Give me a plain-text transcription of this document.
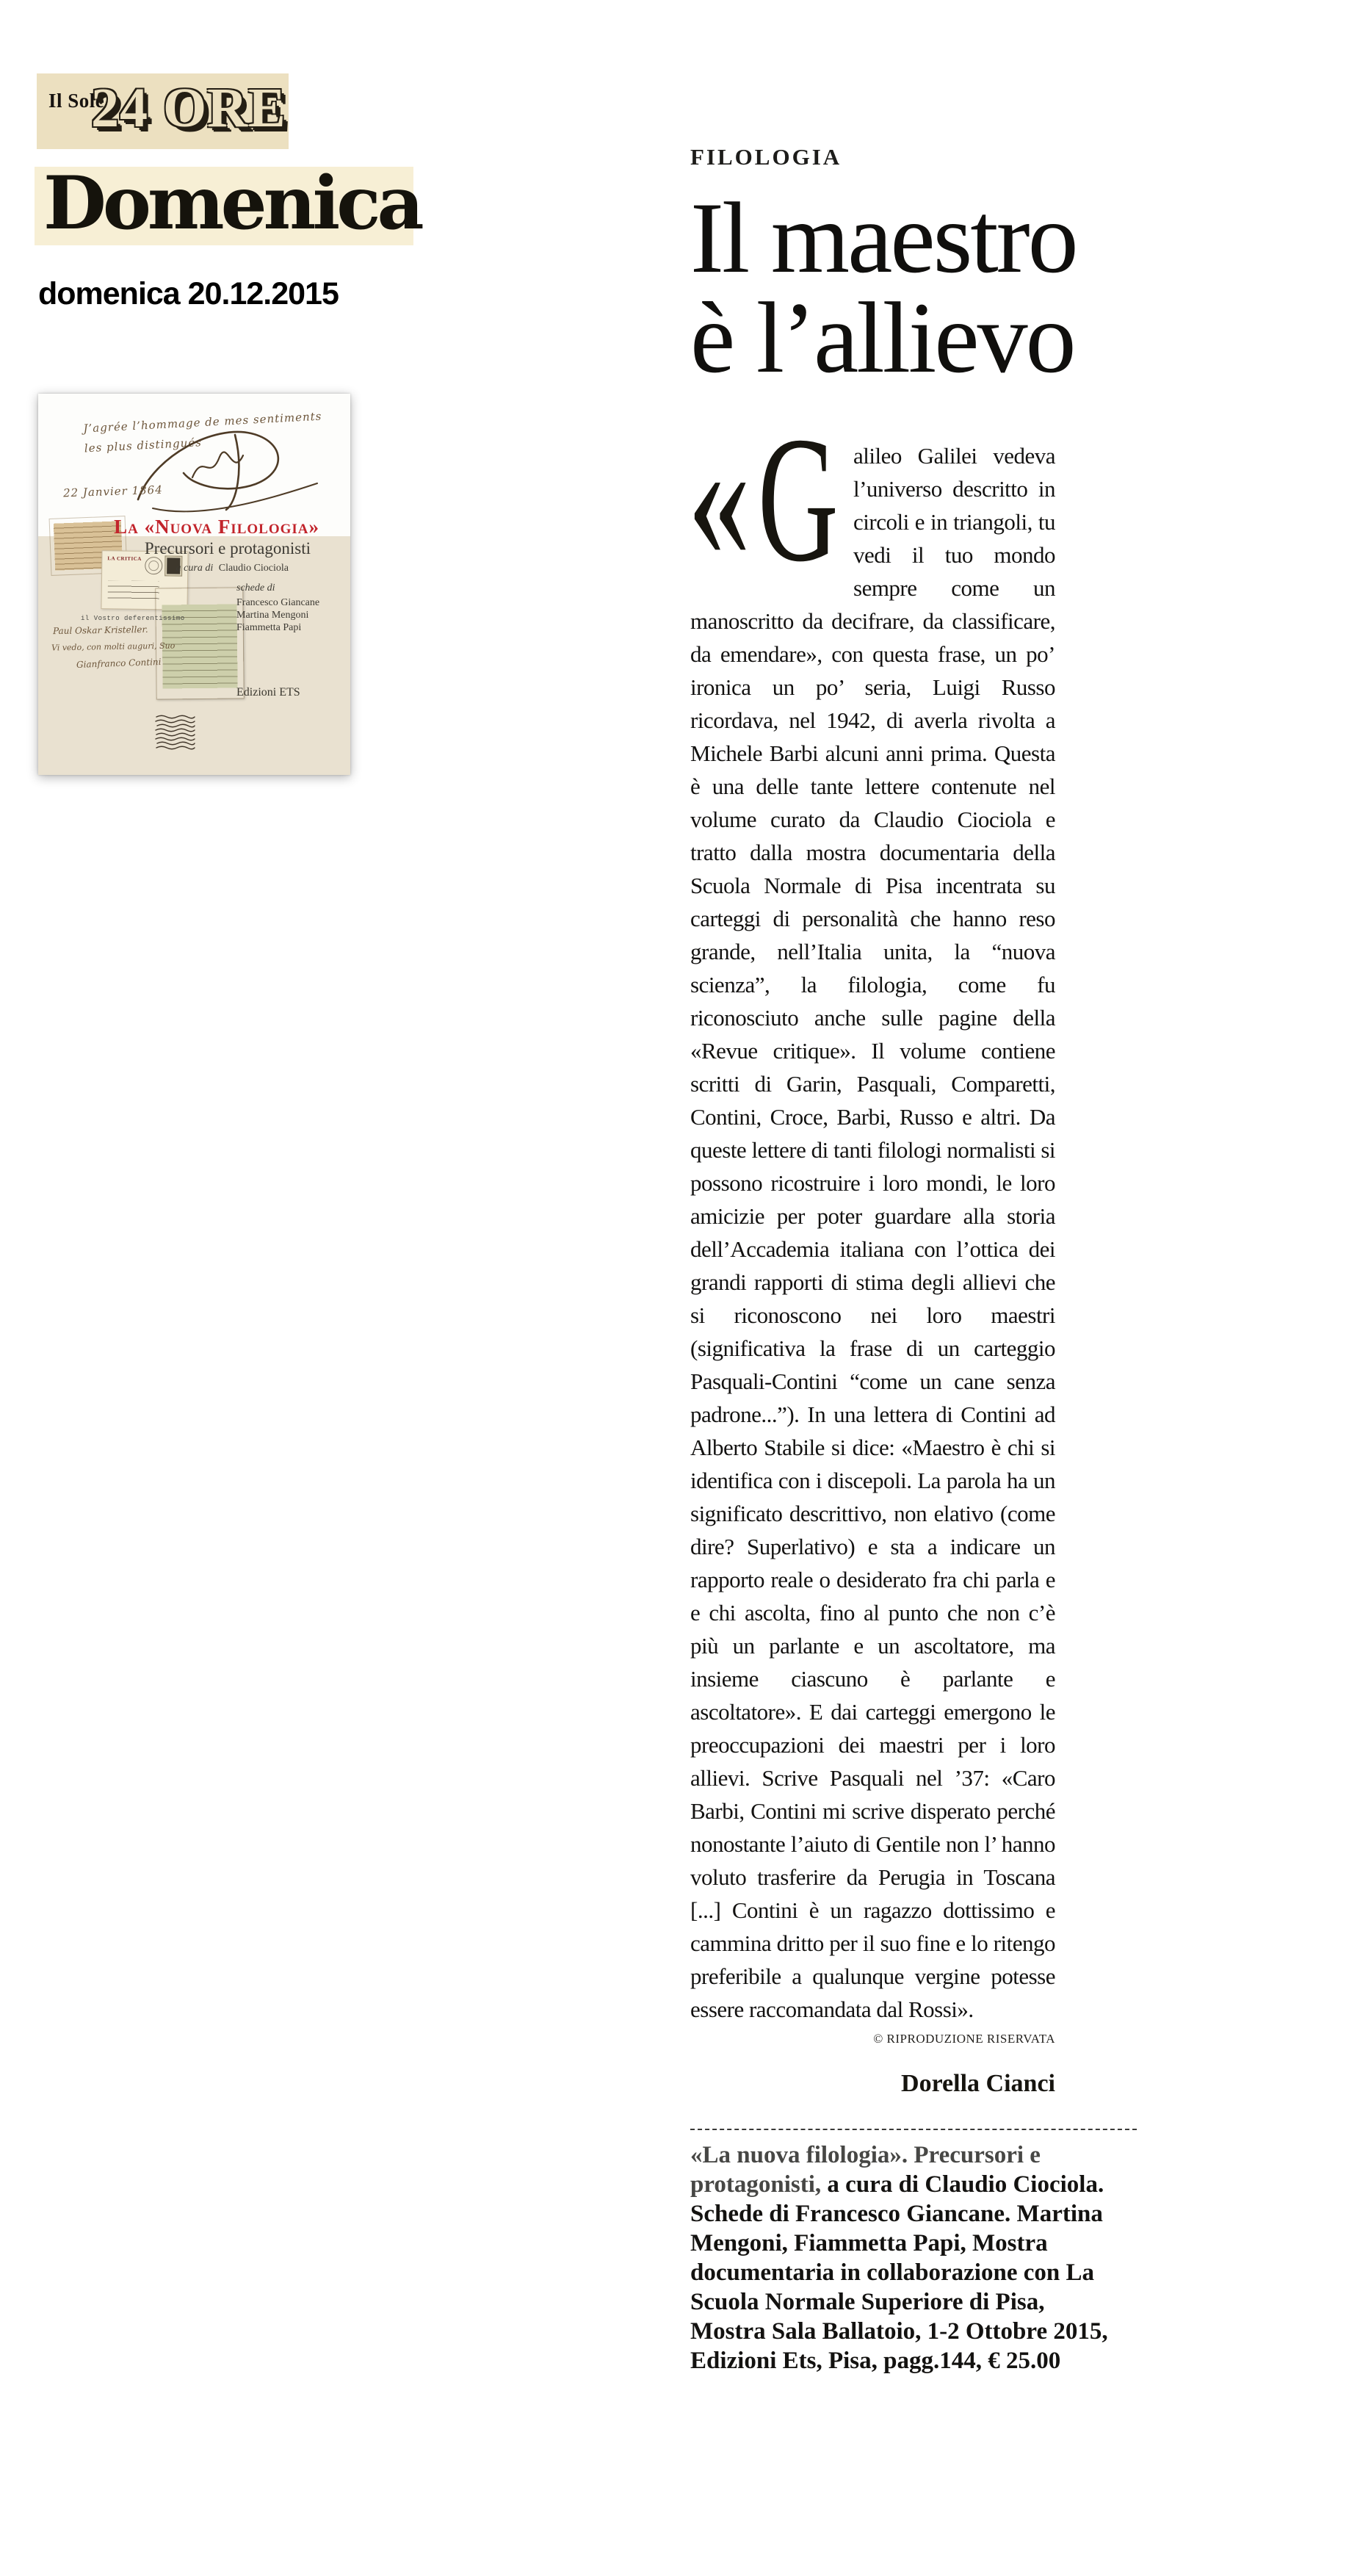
Il Sole
24 ORE
Domenica
domenica 20.12.2015
J’agrée l’hommage de mes sentiments
les plus distingués
22 Janvier 1864
LA CRITICA
La «Nuova Filologia»
Precursori e protagonisti
a cura di Claudio Ciociola
schede di
Francesco Giancane
Martina Mengoni
Fiammetta Papi
il Vostro deferentissimo
Paul Oskar Kristeller.
Vi vedo, con molti auguri, Suo
Gianfranco Contini
Edizioni ETS
FILOLOGIA
Il maestro
è l’allievo
« G alileo Galilei vedeva l’universo descritto in circoli e in triangoli, tu vedi il tuo mondo sempre come un manoscritto da decifrare, da classificare, da emendare», con questa frase, un po’ ironica un po’ seria, Luigi Russo ricordava, nel 1942, di averla rivolta a Michele Barbi alcuni anni prima. Questa è una delle tante lettere contenute nel volume curato da Claudio Ciociola e tratto dalla mostra documentaria della Scuola Normale di Pisa incentrata su carteggi di personalità che hanno reso grande, nell’Italia unita, la “nuova scienza”, la filologia, come fu riconosciuto anche sulle pagine della «Revue critique». Il volume contiene scritti di Garin, Pasquali, Comparetti, Contini, Croce, Barbi, Russo e altri. Da queste lettere di tanti filologi normalisti si possono ricostruire i loro mondi, le loro amicizie per poter guardare alla storia dell’Accademia italiana con l’ottica dei grandi rapporti di stima degli allievi che si riconoscono nei loro maestri (significativa la frase di un carteggio Pasquali-Contini “come un cane senza padrone...”). In una lettera di Contini ad Alberto Stabile si dice: «Maestro è chi si identifica con i discepoli. La parola ha un significato descrittivo, non elativo (come dire? Superlativo) e sta a indicare un rapporto reale o desiderato fra chi parla e e chi ascolta, fino al punto che non c’è più un parlante e un ascoltatore, ma insieme ciascuno è parlante e ascoltatore». E dai carteggi emergono le preoccupazioni dei maestri per i loro allievi. Scrive Pasquali nel ’37: «Caro Barbi, Contini mi scrive disperato perché nonostante l’aiuto di Gentile non l’ hanno voluto trasferire da Perugia in Toscana [...] Contini è un ragazzo dottissimo e cammina dritto per il suo fine e lo ritengo preferibile a qualunque vergine potesse essere raccomandata dal Rossi».
© RIPRODUZIONE RISERVATA
Dorella Cianci

«La nuova filologia». Precursori e protagonisti, a cura di Claudio Ciociola. Schede di Francesco Giancane. Martina Mengoni, Fiammetta Papi, Mostra documentaria in collaborazione con La Scuola Normale Superiore di Pisa, Mostra Sala Ballatoio, 1-2 Ottobre 2015, Edizioni Ets, Pisa, pagg.144, € 25.00
